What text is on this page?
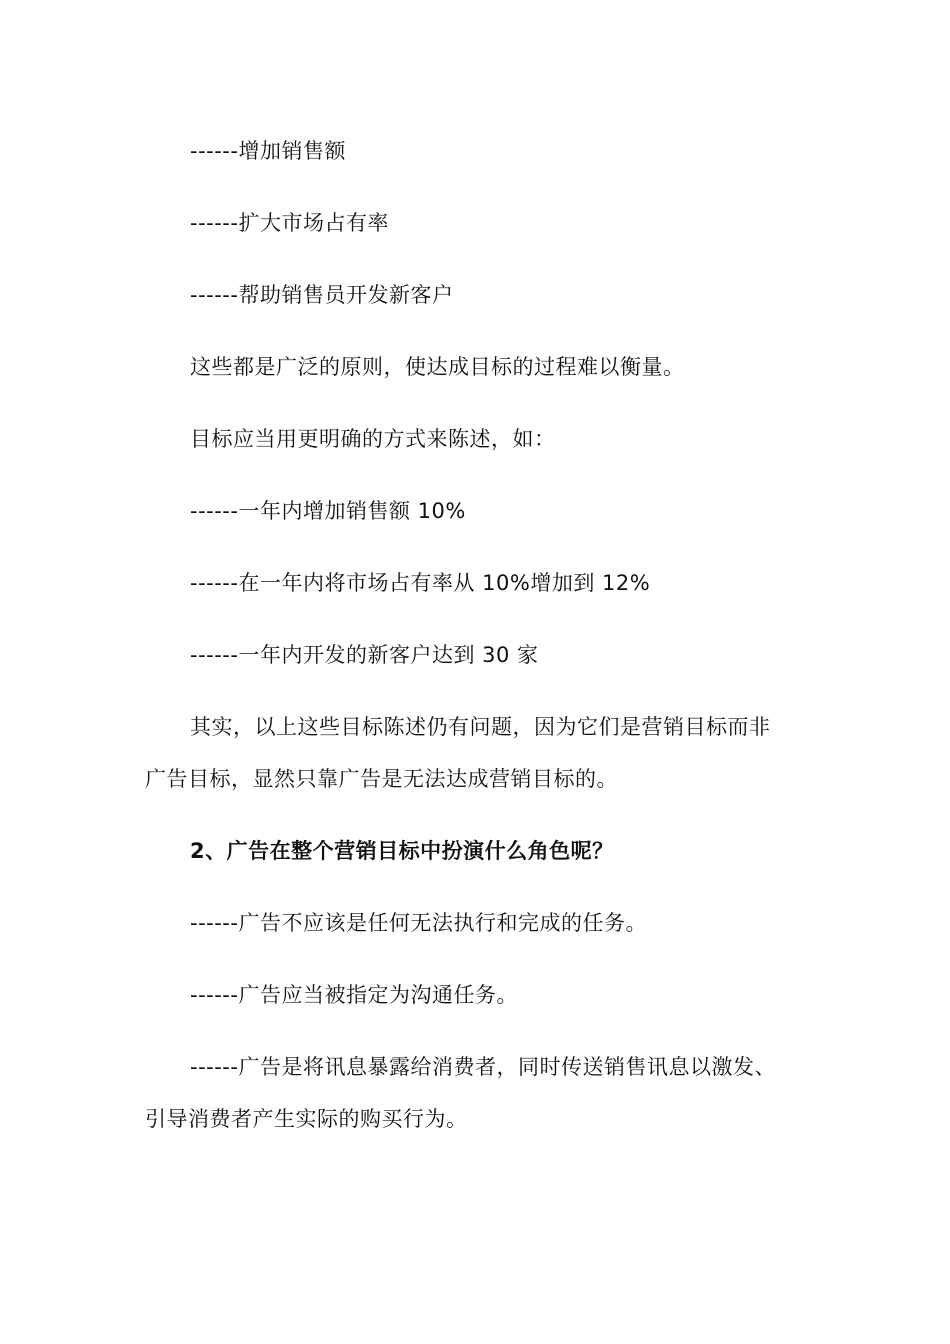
------增加销售额
------扩大市场占有率
------帮助销售员开发新客户
这些都是广泛的原则，使达成目标的过程难以衡量。
目标应当用更明确的方式来陈述，如：
------一年内增加销售额 10%
------在一年内将市场占有率从 10%增加到 12%
------一年内开发的新客户达到 30 家
其实，以上这些目标陈述仍有问题，因为它们是营销目标而非
广告目标，显然只靠广告是无法达成营销目标的。
2、广告在整个营销目标中扮演什么角色呢？
------广告不应该是任何无法执行和完成的任务。
------广告应当被指定为沟通任务。
------广告是将讯息暴露给消费者，同时传送销售讯息以激发、
引导消费者产生实际的购买行为。
